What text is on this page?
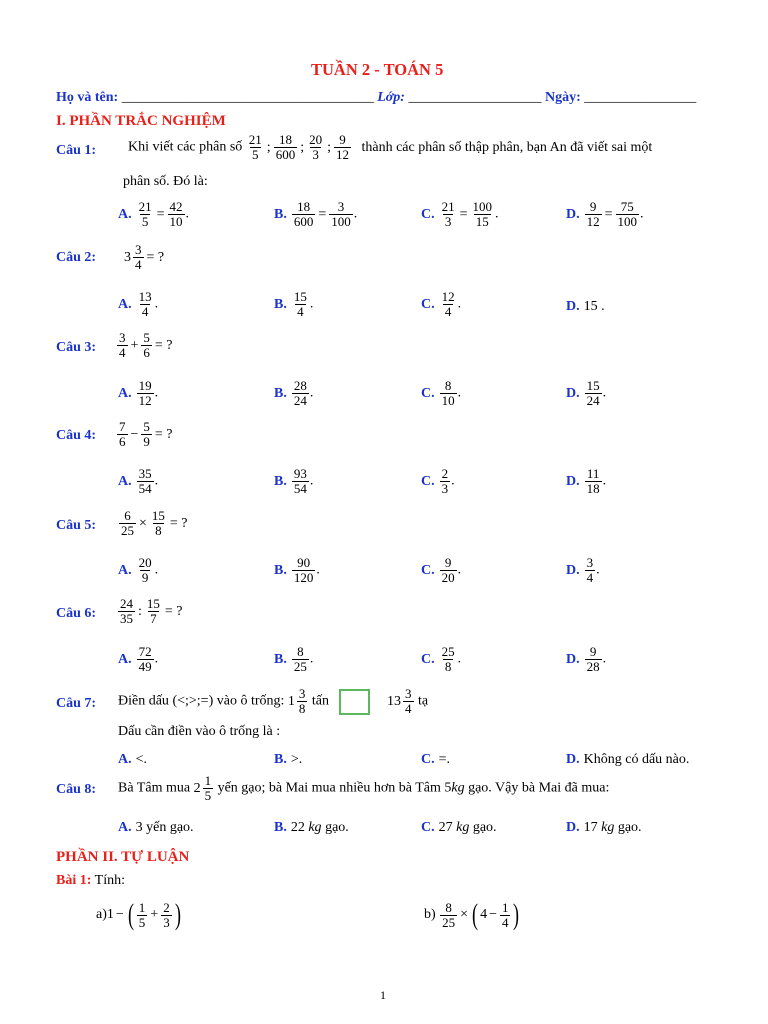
TUẦN 2 - TOÁN 5
Họ và tên: ____________________________________ Lớp: ___________________ Ngày: ________________
I. PHẦN TRẮC NGHIỆM
Câu 1: Khi viết các phân số $\frac{21}{5}$ ; $\frac{18}{600}$ ; $\frac{20}{3}$ ; $\frac{9}{12}$ thành các phân số thập phân, bạn An đã viết sai một
phân số. Đó là:
A. $\frac{21}{5} = \frac{42}{10}$ .	B. $\frac{18}{600} = \frac{3}{100}$ .	C. $\frac{21}{3} = \frac{100}{15}$ .	D. $\frac{9}{12} = \frac{75}{100}$ .
Câu 2: 3 3
4 = ?
A. $\frac{13}{4}$ .	B. $\frac{15}{4}$ .	C. $\frac{12}{4}$ .	D. 15 .
Câu 3: $\frac{3}{4} + \frac{5}{6}$ = ?
A. $\frac{19}{12}$ .	B. $\frac{28}{24}$ .	C. $\frac{8}{10}$ .	D. $\frac{15}{24}$ .
Câu 4: $\frac{7}{6} - \frac{5}{9}$ = ?
A. $\frac{35}{54}$ .	B. $\frac{93}{54}$ .	C. $\frac{2}{3}$ .	D. $\frac{11}{18}$ .
Câu 5: $\frac{6}{25} \times \frac{15}{8}$ = ?
A. $\frac{20}{9}$ .	B. $\frac{90}{120}$ .	C. $\frac{9}{20}$ .	D. $\frac{3}{4}$ .
Câu 6: $\frac{24}{35}$ : $\frac{15}{7}$ = ?
A. $\frac{72}{49}$ .	B. $\frac{8}{25}$ .	C. $\frac{25}{8}$ .	D. $\frac{9}{28}$ .
Câu 7: Điền dấu (<;>;=) vào ô trống: 1 3
8 tấn	13 3
4 tạ
Dấu cần điền vào ô trống là :
A. <.	B. >.	C. =.	D. Không có dấu nào.
Câu 8: Bà Tâm mua 2 1
5 yến gạo; bà Mai mua nhiều hơn bà Tâm 5kg gạo. Vậy bà Mai đã mua:
A. 3 yến gạo.	B. 22 kg gạo.	C. 27 kg gạo.	D. 17 kg gạo.
PHẦN II. TỰ LUẬN
Bài 1: Tính:
a)1 − ( $\frac{1}{5} + \frac{2}{3}$ )	$b) \frac{8}{25}$ × ( $4 - \frac{1}{4}$ )
1
